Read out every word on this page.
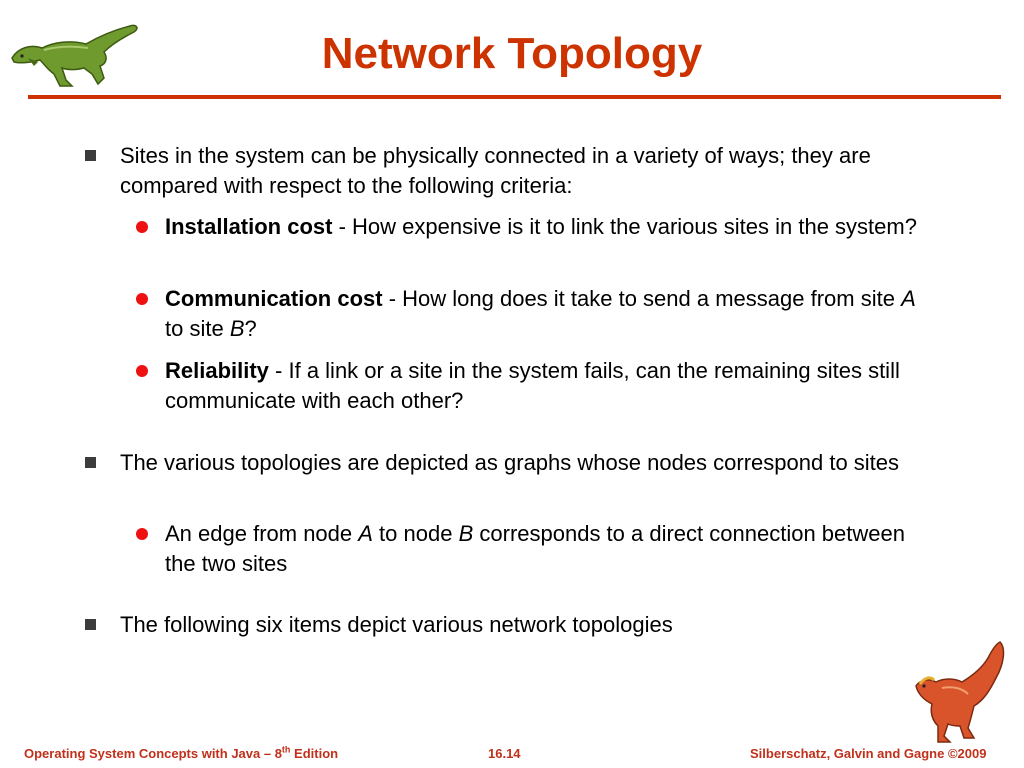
Network Topology
Sites in the system can be physically connected in a variety of ways; they are compared with respect to the following criteria:
Installation cost - How expensive is it to link the various sites in the system?
Communication cost - How long does it take to send a message from site A to site B?
Reliability - If a link or a site in the system fails, can the remaining sites still communicate with each other?
The various topologies are depicted as graphs whose nodes correspond to sites
An edge from node A to node B corresponds to a direct connection between the two sites
The following six items depict various network topologies
Operating System Concepts with Java – 8th Edition	16.14	Silberschatz, Galvin and Gagne ©2009
